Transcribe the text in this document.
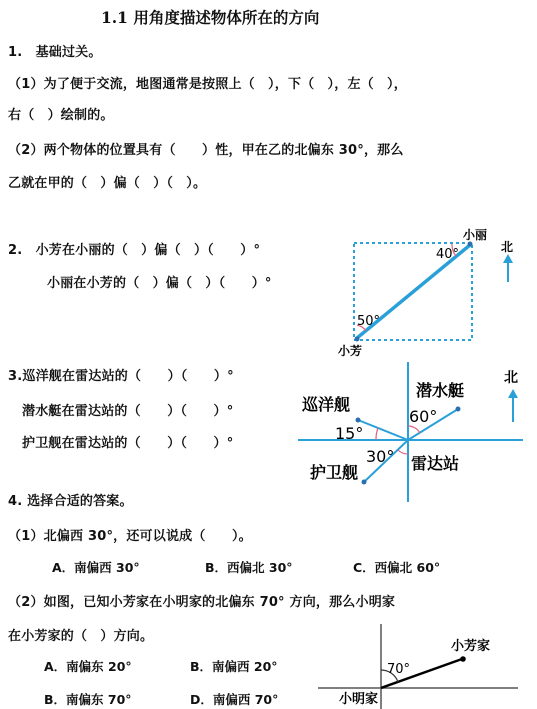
1.1 用角度描述物体所在的方向
1.　基础过关。
（1）为了便于交流，地图通常是按照上（　），下（　），左（　），
右（　）绘制的。
（2）两个物体的位置具有（　　）性，甲在乙的北偏东 30°，那么
乙就在甲的（　）偏（　）（　）。
2.　小芳在小丽的（　）偏（　）（　　）°
小丽在小芳的（　）偏（　）（　　）°
40°
50°
小丽
小芳
北
3.巡洋舰在雷达站的（　　）（　　）°
潜水艇在雷达站的（　　）（　　）°
护卫舰在雷达站的（　　）（　　）°
潜水艇
60°
巡洋舰
15°
30°
护卫舰	雷达站
北
4. 选择合适的答案。
（1）北偏西 30°，还可以说成（　　）。
A．南偏西 30°	B．西偏北 30°	C．西偏北 60°
（2）如图，已知小芳家在小明家的北偏东 70° 方向，那么小明家
在小芳家的（　）方向。
A．南偏东 20°	B．南偏西 20°
B．南偏东 70°	D．南偏西 70°
70°
小芳家
小明家
